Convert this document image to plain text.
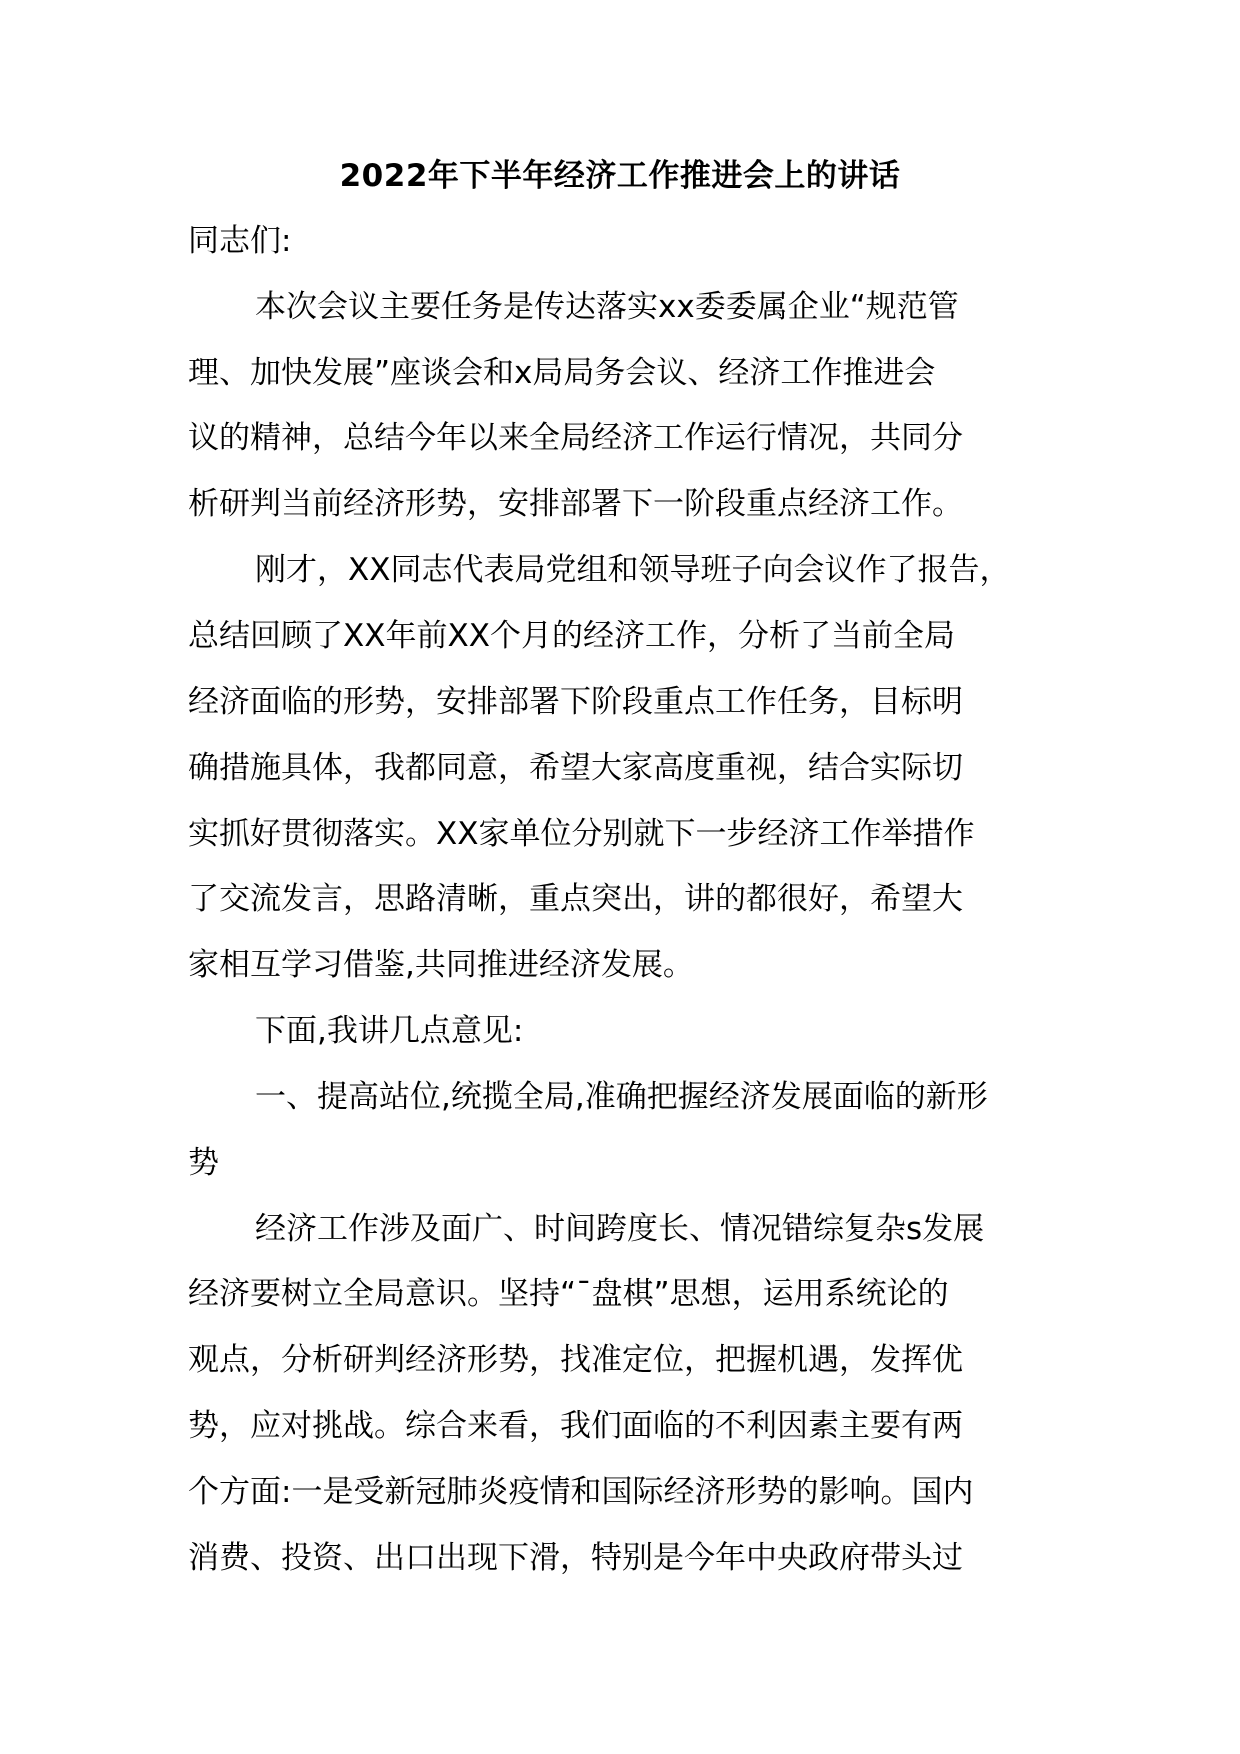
2022年下半年经济工作推进会上的讲话
同志们:
本次会议主要任务是传达落实xx委委属企业“规范管
理、加快发展”座谈会和x局局务会议、经济工作推进会
议的精神，总结今年以来全局经济工作运行情况，共同分
析研判当前经济形势，安排部署下一阶段重点经济工作。
刚才，XX同志代表局党组和领导班子向会议作了报告，
总结回顾了XX年前XX个月的经济工作，分析了当前全局
经济面临的形势，安排部署下阶段重点工作任务，目标明
确措施具体，我都同意，希望大家高度重视，结合实际切
实抓好贯彻落实。XX家单位分别就下一步经济工作举措作
了交流发言，思路清晰，重点突出，讲的都很好，希望大
家相互学习借鉴,共同推进经济发展。
下面,我讲几点意见:
一、提高站位,统揽全局,准确把握经济发展面临的新形
势
经济工作涉及面广、时间跨度长、情况错综复杂s发展
经济要树立全局意识。坚持“ˉ盘棋”思想，运用系统论的
观点，分析研判经济形势，找准定位，把握机遇，发挥优
势，应对挑战。综合来看，我们面临的不利因素主要有两
个方面:一是受新冠肺炎疫情和国际经济形势的影响。国内
消费、投资、出口出现下滑，特别是今年中央政府带头过
